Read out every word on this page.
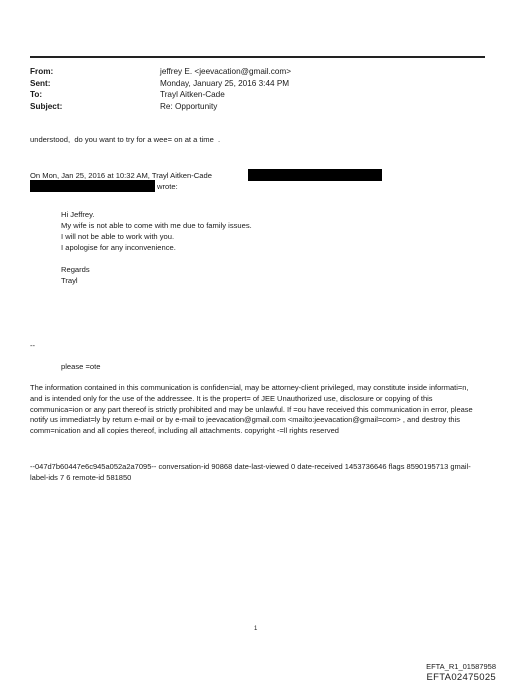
From:	jeffrey E. <jeevacation@gmail.com>
Sent:	Monday, January 25, 2016 3:44 PM
To:	Trayl Aitken-Cade
Subject:	Re: Opportunity
understood,  do you want to try for a wee= on at a time  .
On Mon, Jan 25, 2016 at 10:32 AM, Trayl Aitken-Cade
wrote:
Hi Jeffrey.
My wife is not able to come with me due to family issues.
I will not be able to work with you.
I apologise for any inconvenience.
Regards
Trayl
--
please =ote
The information contained in this communication is confiden=ial, may be attorney-client privileged, may constitute inside informati=n, and is intended only for the use of the addressee. It is the propert= of JEE Unauthorized use, disclosure or copying of this communica=ion or any part thereof is strictly prohibited and may be unlawful. If =ou have received this communication in error, please notify us immediat=ly by return e-mail or by e-mail to jeevacation@gmail.com <mailto:jeevacation@gmail=com> , and destroy this comm=nication and all copies thereof, including all attachments. copyright -=ll rights reserved
--047d7b60447e6c945a052a2a7095-- conversation-id 90868 date-last-viewed 0 date-received 1453736646 flags 8590195713 gmail-label-ids 7 6 remote-id 581850
1
EFTA_R1_01587958
EFTA02475025
